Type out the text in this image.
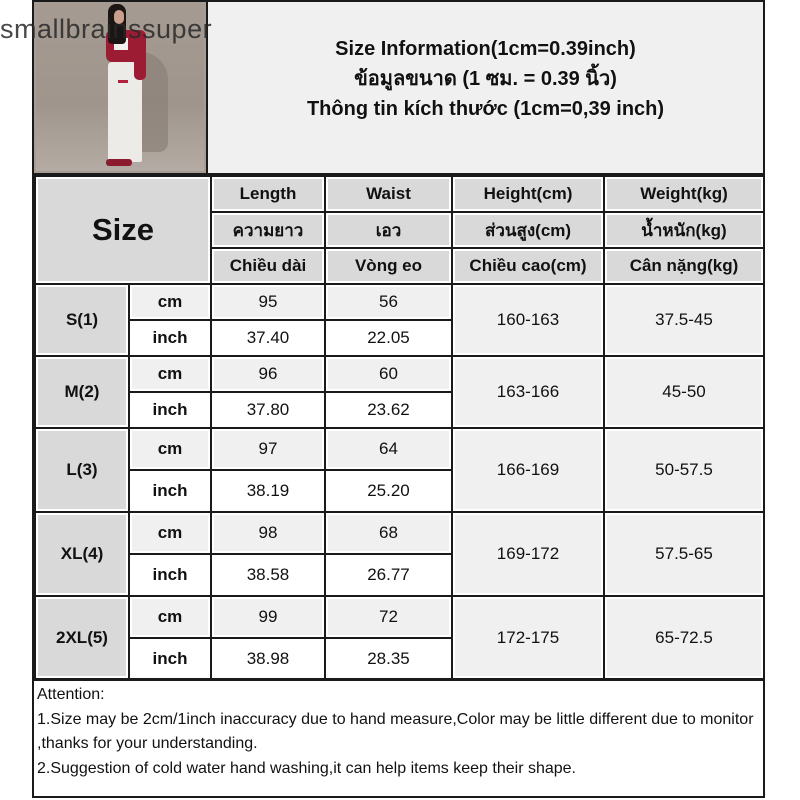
smallbrainssuper
Size Information(1cm=0.39inch)
ข้อมูลขนาด (1 ซม. = 0.39 นิ้ว)
Thông tin kích thước (1cm=0,39 inch)
Size		Length	Waist	Height(cm)	Weight(kg)
		ความยาว	เอว	ส่วนสูง(cm)	น้ำหนัก(kg)
		Chiều dài	Vòng eo	Chiều cao(cm)	Cân nặng(kg)
S(1)	cm	95	56	160-163	37.5-45
	inch	37.40	22.05		
M(2)	cm	96	60	163-166	45-50
	inch	37.80	23.62		
L(3)	cm	97	64	166-169	50-57.5
	inch	38.19	25.20		
XL(4)	cm	98	68	169-172	57.5-65
	inch	38.58	26.77		
2XL(5)	cm	99	72	172-175	65-72.5
	inch	38.98	28.35		
Attention:
1.Size may be 2cm/1inch inaccuracy due to hand measure,Color may be little different due to monitor ,thanks for your understanding.
2.Suggestion of cold water hand washing,it can help items keep their shape.
